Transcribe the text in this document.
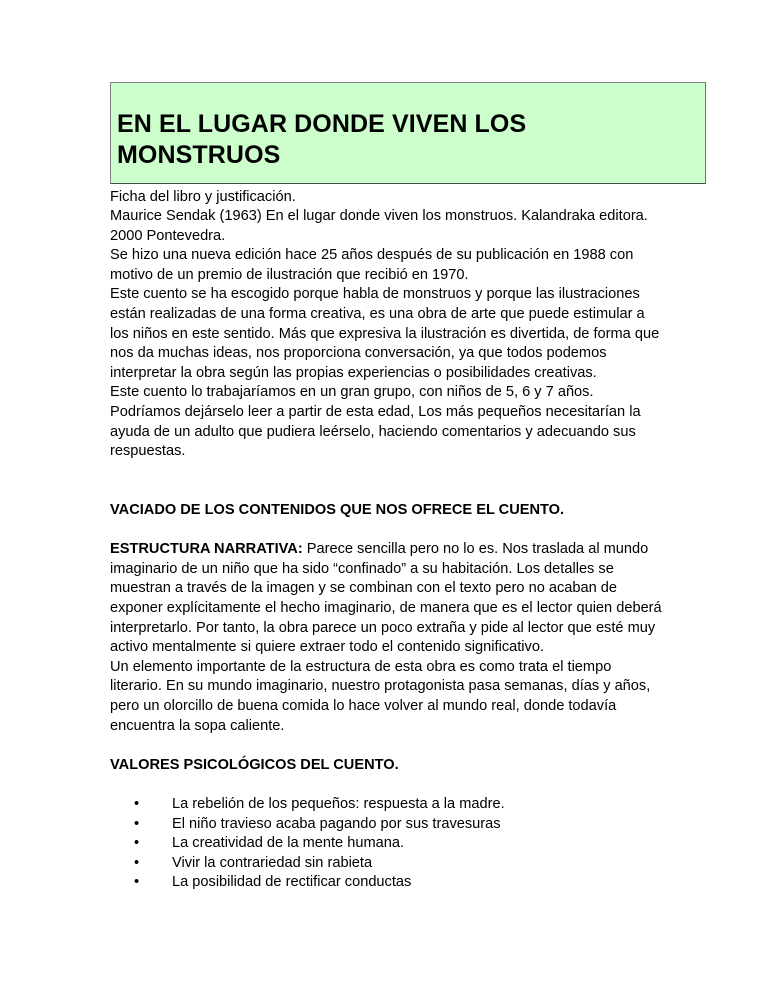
EN EL LUGAR DONDE VIVEN LOS MONSTRUOS

Ficha del libro y justificación.

Maurice Sendak (1963) En el lugar donde viven los monstruos. Kalandraka editora. 2000 Pontevedra.

Se hizo una nueva edición hace 25 años después de su publicación en 1988 con motivo de un premio de ilustración que recibió en 1970.

Este cuento se ha escogido porque habla de monstruos y porque las ilustraciones están realizadas de una forma creativa, es una obra de arte que puede estimular a los niños en este sentido. Más que expresiva la ilustración es divertida, de forma que nos da muchas ideas, nos proporciona conversación, ya que todos podemos interpretar la obra según las propias experiencias o posibilidades creativas.

Este cuento lo trabajaríamos en un gran grupo, con niños de 5, 6 y 7 años. Podríamos dejárselo leer a partir de esta edad, Los más pequeños necesitarían la ayuda de un adulto que pudiera leérselo, haciendo comentarios y adecuando sus respuestas.

VACIADO DE LOS CONTENIDOS QUE NOS OFRECE EL CUENTO.

ESTRUCTURA NARRATIVA: Parece sencilla pero no lo es. Nos traslada al mundo imaginario de un niño que ha sido “confinado” a su habitación. Los detalles se muestran a través de la imagen y se combinan con el texto pero no acaban de exponer explícitamente el hecho imaginario, de manera que es el lector quien deberá interpretarlo. Por tanto, la obra parece un poco extraña y pide al lector que esté muy activo mentalmente si quiere extraer todo el contenido significativo.

Un elemento importante de la estructura de esta obra es como trata el tiempo literario. En su mundo imaginario, nuestro protagonista pasa semanas, días y años, pero un olorcillo de buena comida lo hace volver al mundo real, donde todavía encuentra la sopa caliente.

VALORES PSICOLÓGICOS DEL CUENTO.

•	La rebelión de los pequeños: respuesta a la madre.
•	El niño travieso acaba pagando por sus travesuras
•	La creatividad de la mente humana.
•	Vivir la contrariedad sin rabieta
•	La posibilidad de rectificar conductas
